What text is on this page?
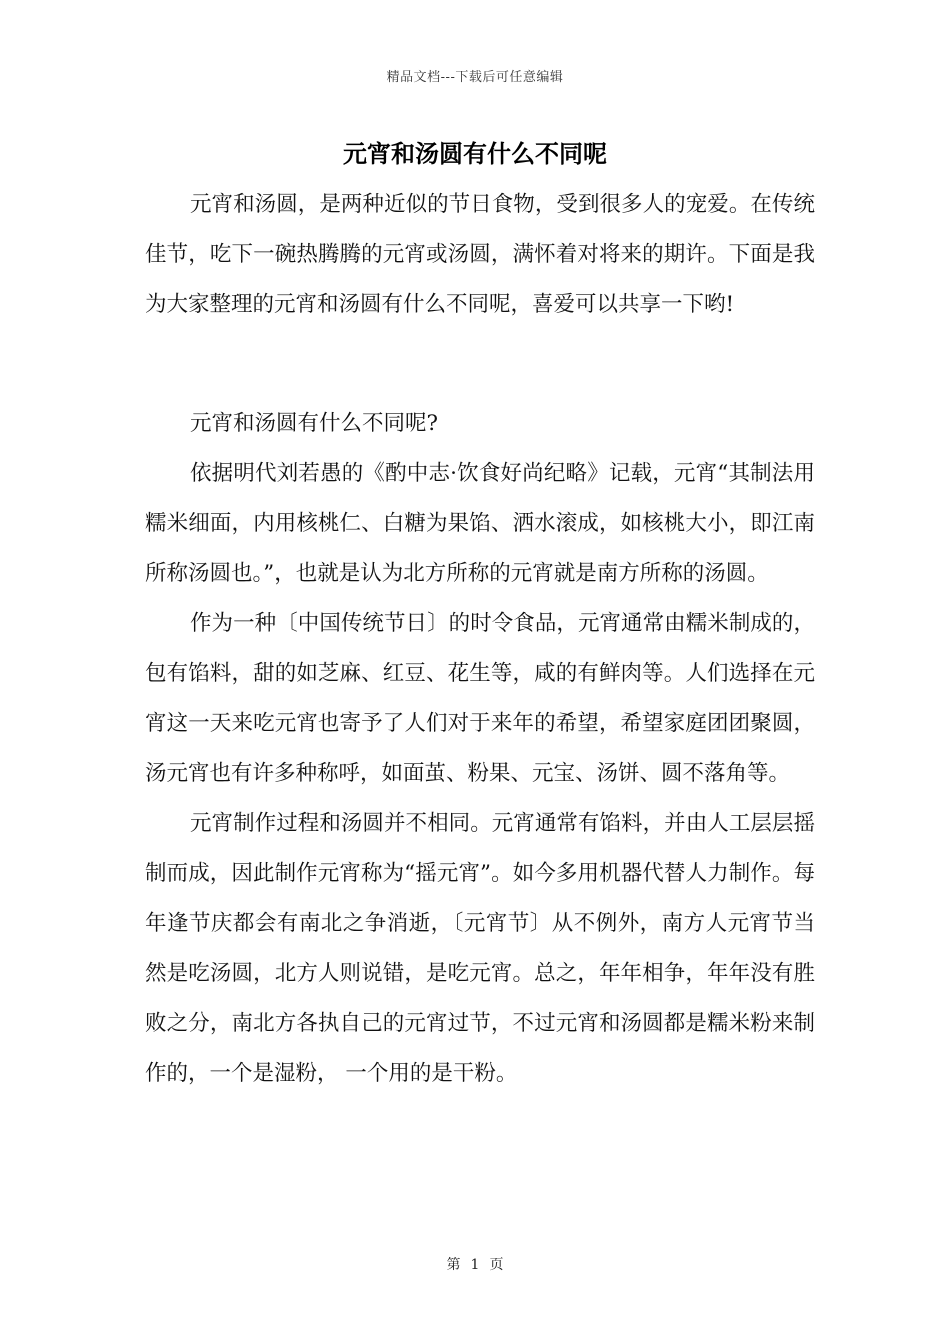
精品文档---下载后可任意编辑
元宵和汤圆有什么不同呢

元宵和汤圆，是两种近似的节日食物，受到很多人的宠爱。在传统佳节，吃下一碗热腾腾的元宵或汤圆，满怀着对将来的期许。下面是我为大家整理的元宵和汤圆有什么不同呢，喜爱可以共享一下哟!

元宵和汤圆有什么不同呢?

依据明代刘若愚的《酌中志·饮食好尚纪略》记载，元宵“其制法用糯米细面，内用核桃仁、白糖为果馅、洒水滚成，如核桃大小，即江南所称汤圆也。”，也就是认为北方所称的元宵就是南方所称的汤圆。

作为一种〔中国传统节日〕的时令食品，元宵通常由糯米制成的，包有馅料，甜的如芝麻、红豆、花生等，咸的有鲜肉等。人们选择在元宵这一天来吃元宵也寄予了人们对于来年的希望，希望家庭团团聚圆，汤元宵也有许多种称呼，如面茧、粉果、元宝、汤饼、圆不落角等。

元宵制作过程和汤圆并不相同。元宵通常有馅料，并由人工层层摇制而成，因此制作元宵称为“摇元宵”。如今多用机器代替人力制作。每年逢节庆都会有南北之争消逝，〔元宵节〕从不例外，南方人元宵节当然是吃汤圆，北方人则说错，是吃元宵。总之，年年相争，年年没有胜败之分，南北方各执自己的元宵过节，不过元宵和汤圆都是糯米粉来制作的，一个是湿粉， 一个用的是干粉。

第 1 页
